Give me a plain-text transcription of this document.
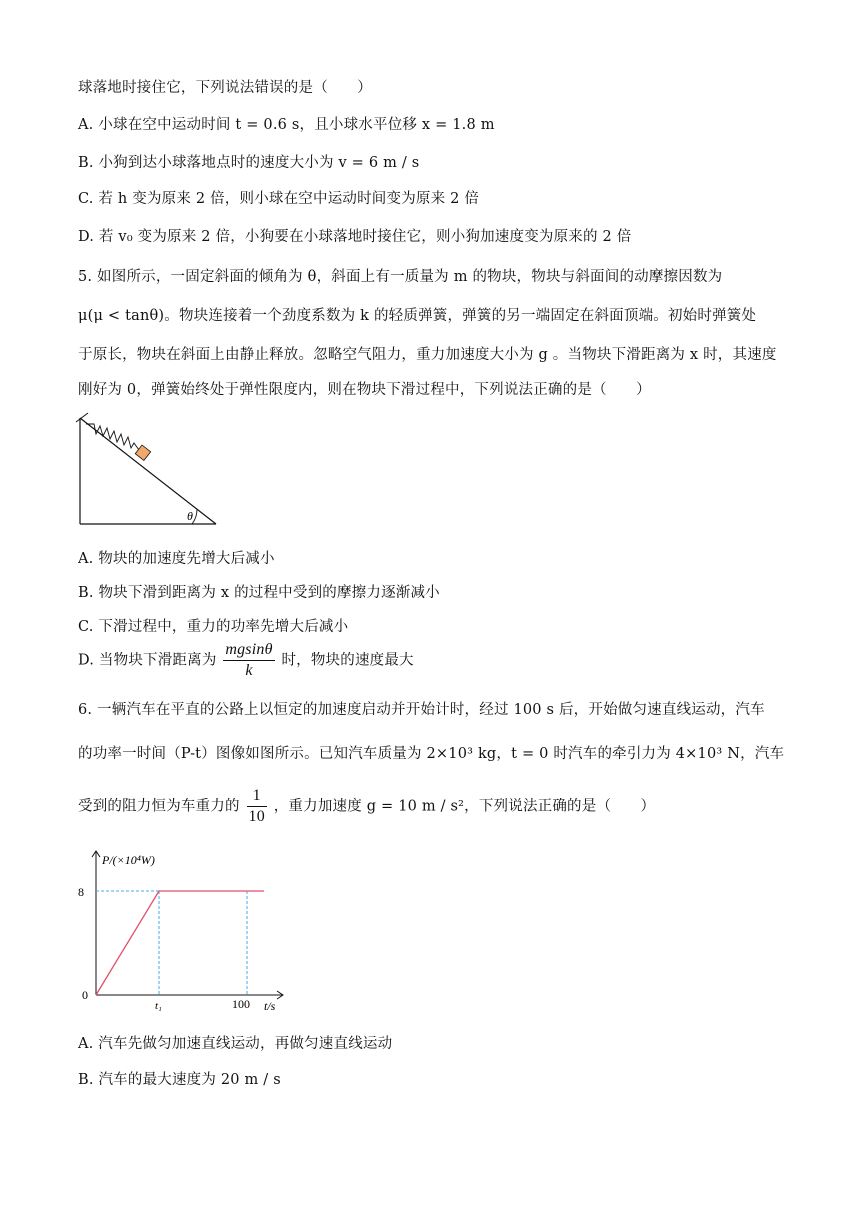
球落地时接住它，下列说法错误的是（　　）
A. 小球在空中运动时间 t = 0.6 s，且小球水平位移 x = 1.8 m
B. 小狗到达小球落地点时的速度大小为 v = 6 m / s
C. 若 h 变为原来 2 倍，则小球在空中运动时间变为原来 2 倍
D. 若 v₀ 变为原来 2 倍，小狗要在小球落地时接住它，则小狗加速度变为原来的 2 倍
5. 如图所示，一固定斜面的倾角为 θ，斜面上有一质量为 m 的物块，物块与斜面间的动摩擦因数为
μ(μ < tanθ)。物块连接着一个劲度系数为 k 的轻质弹簧，弹簧的另一端固定在斜面顶端。初始时弹簧处
于原长，物块在斜面上由静止释放。忽略空气阻力，重力加速度大小为 g 。当物块下滑距离为 x 时，其速度
刚好为 0，弹簧始终处于弹性限度内，则在物块下滑过程中，下列说法正确的是（　　）
θ
A. 物块的加速度先增大后减小
B. 物块下滑到距离为 x 的过程中受到的摩擦力逐渐减小
C. 下滑过程中，重力的功率先增大后减小
D. 当物块下滑距离为 $\frac{mgsin\theta}{k}$ 时，物块的速度最大
6. 一辆汽车在平直的公路上以恒定的加速度启动并开始计时，经过 100 s 后，开始做匀速直线运动，汽车
的功率一时间（P-t）图像如图所示。已知汽车质量为 2×10³ kg，t = 0 时汽车的牵引力为 4×10³ N，汽车
受到的阻力恒为车重力的 $\frac{1}{10}$ ，重力加速度 g = 10 m / s²，下列说法正确的是（　　）
P/(×10⁴W)
8
0
t₁	100 t/s
A. 汽车先做匀加速直线运动，再做匀速直线运动
B. 汽车的最大速度为 20 m / s
